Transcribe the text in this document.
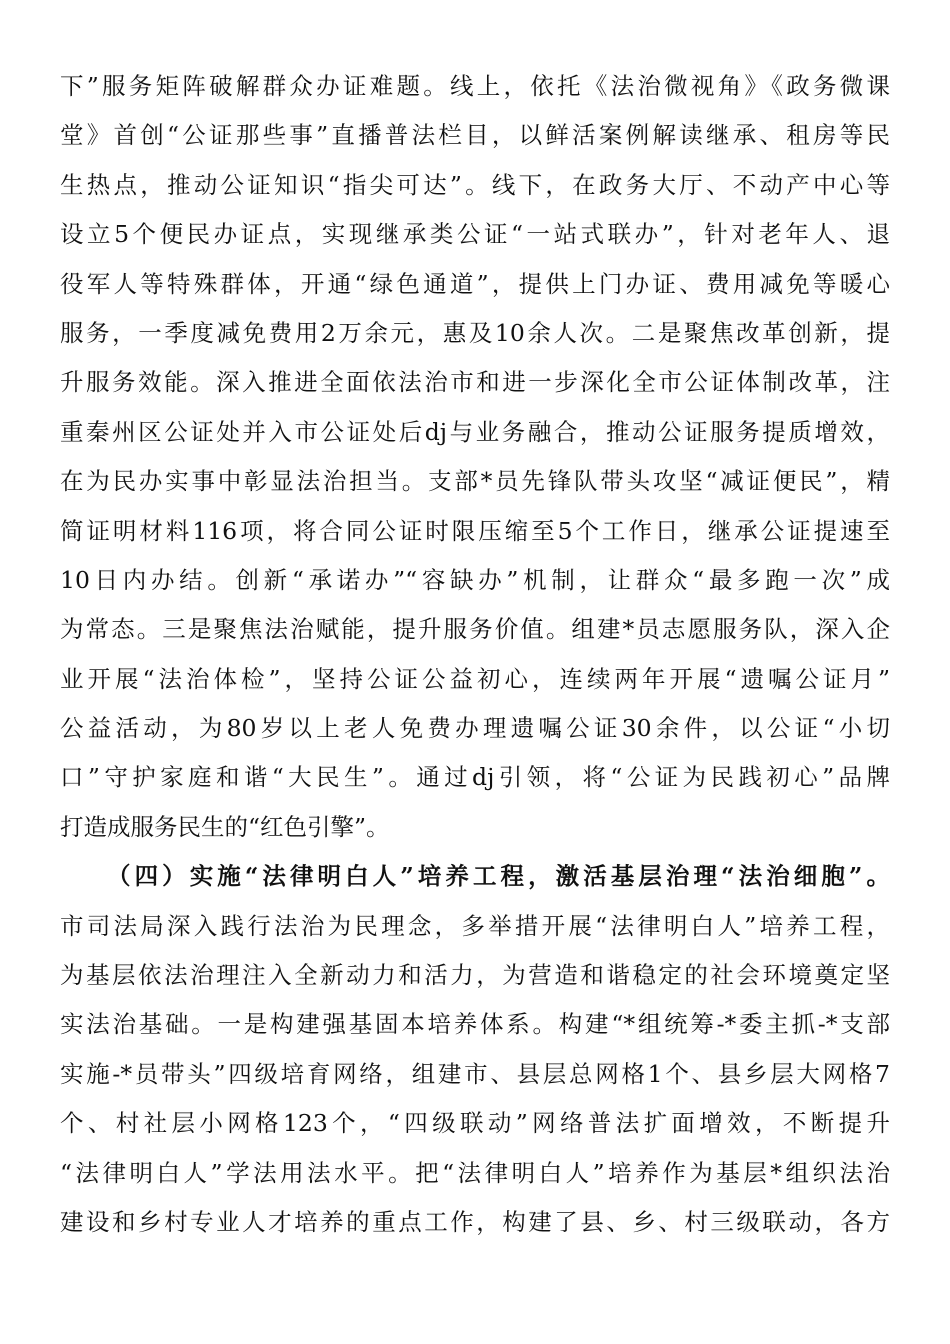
下”服务矩阵破解群众办证难题。线上，依托《法治微视角》《政务微课
堂》首创“公证那些事”直播普法栏目，以鲜活案例解读继承、租房等民
生热点，推动公证知识“指尖可达”。线下，在政务大厅、不动产中心等
设立5个便民办证点，实现继承类公证“一站式联办”，针对老年人、退
役军人等特殊群体，开通“绿色通道”，提供上门办证、费用减免等暖心
服务，一季度减免费用2万余元，惠及10余人次。二是聚焦改革创新，提
升服务效能。深入推进全面依法治市和进一步深化全市公证体制改革，注
重秦州区公证处并入市公证处后dj与业务融合，推动公证服务提质增效，
在为民办实事中彰显法治担当。支部*员先锋队带头攻坚“减证便民”，精
简证明材料116项，将合同公证时限压缩至5个工作日，继承公证提速至
10日内办结。创新“承诺办”“容缺办”机制，让群众“最多跑一次”成
为常态。三是聚焦法治赋能，提升服务价值。组建*员志愿服务队，深入企
业开展“法治体检”，坚持公证公益初心，连续两年开展“遗嘱公证月”
公益活动，为80岁以上老人免费办理遗嘱公证30余件，以公证“小切
口”守护家庭和谐“大民生”。通过dj引领，将“公证为民践初心”品牌
打造成服务民生的“红色引擎”。
（四）实施“法律明白人”培养工程，激活基层治理“法治细胞”。
市司法局深入践行法治为民理念，多举措开展“法律明白人”培养工程，
为基层依法治理注入全新动力和活力，为营造和谐稳定的社会环境奠定坚
实法治基础。一是构建强基固本培养体系。构建“*组统筹-*委主抓-*支部
实施-*员带头”四级培育网络，组建市、县层总网格1个、县乡层大网格7
个、村社层小网格123个，“四级联动”网络普法扩面增效，不断提升
“法律明白人”学法用法水平。把“法律明白人”培养作为基层*组织法治
建设和乡村专业人才培养的重点工作，构建了县、乡、村三级联动，各方
